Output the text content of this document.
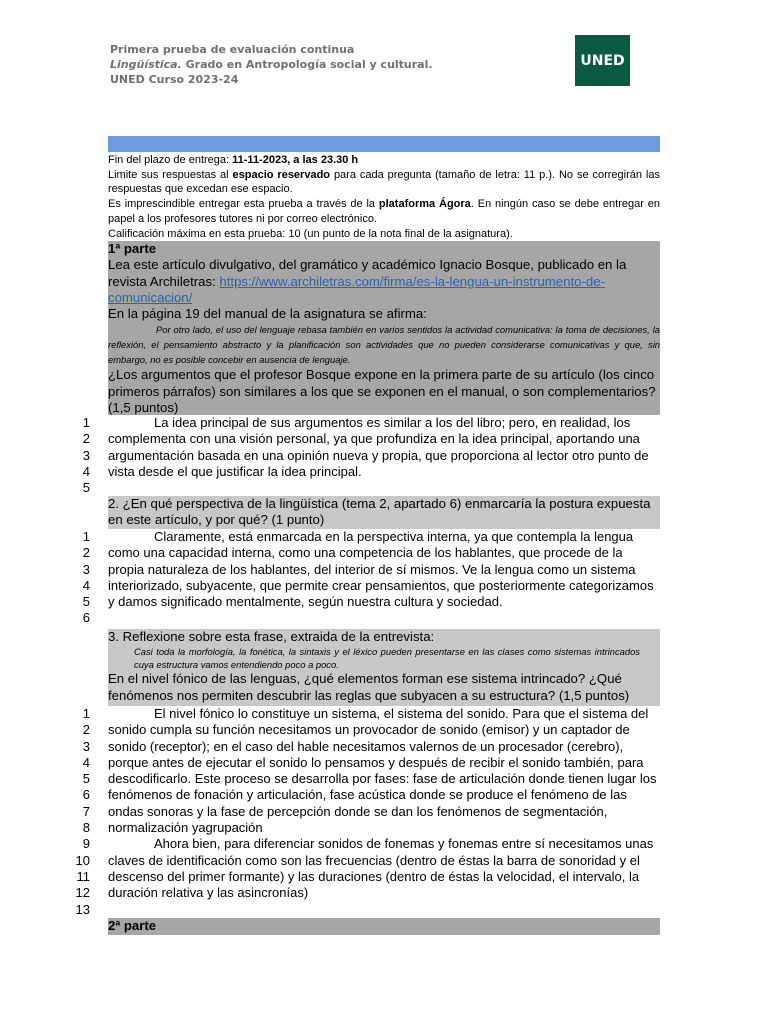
Primera prueba de evaluación continua
Lingüística. Grado en Antropología social y cultural.
UNED Curso 2023-24
UNED

Fin del plazo de entrega: 11-11-2023, a las 23.30 h

Limite sus respuestas al espacio reservado para cada pregunta (tamaño de letra: 11 p.). No se corregirán las respuestas que excedan ese espacio.

Es imprescindible entregar esta prueba a través de la plataforma Ágora. En ningún caso se debe entregar en papel a los profesores tutores ni por correo electrónico.

Calificación máxima en esta prueba: 10 (un punto de la nota final de la asignatura).

1ª parte

Lea este artículo divulgativo, del gramático y académico Ignacio Bosque, publicado en la revista Archiletras: https://www.archiletras.com/firma/es-la-lengua-un-instrumento-de-comunicacion/

En la página 19 del manual de la asignatura se afirma:

Por otro lado, el uso del lenguaje rebasa también en varios sentidos la actividad comunicativa: la toma de decisiones, la reflexión, el pensamiento abstracto y la planificación son actividades que no pueden considerarse comunicativas y que, sin embargo, no es posible concebir en ausencia de lenguaje.

¿Los argumentos que el profesor Bosque expone en la primera parte de su artículo (los cinco primeros párrafos) son similares a los que se exponen en el manual, o son complementarios? (1,5 puntos)

1
2
3
4
5

La idea principal de sus argumentos es similar a los del libro; pero, en realidad, los complementa con una visión personal, ya que profundiza en la idea principal, aportando una argumentación basada en una opinión nueva y propia, que proporciona al lector otro punto de vista desde el que justificar la idea principal.

2. ¿En qué perspectiva de la lingüística (tema 2, apartado 6) enmarcaría la postura expuesta en este artículo, y por qué? (1 punto)

1
2
3
4
5
6

Claramente, está enmarcada en la perspectiva interna, ya que contempla la lengua como una capacidad interna, como una competencia de los hablantes, que procede de la propia naturaleza de los hablantes, del interior de sí mismos. Ve la lengua como un sistema interiorizado, subyacente, que permite crear pensamientos, que posteriormente categorizamos y damos significado mentalmente, según nuestra cultura y sociedad.

3. Reflexione sobre esta frase, extraida de la entrevista:

Casi toda la morfología, la fonética, la sintaxis y el léxico pueden presentarse en las clases como sistemas intrincados cuya estructura vamos entendiendo poco a poco.

En el nivel fónico de las lenguas, ¿qué elementos forman ese sistema intrincado? ¿Qué fenómenos nos permiten descubrir las reglas que subyacen a su estructura? (1,5 puntos)

1
2
3
4
5
6
7
8
9
10
11
12
13

El nivel fónico lo constituye un sistema, el sistema del sonido. Para que el sistema del sonido cumpla su función necesitamos un provocador de sonido (emisor) y un captador de sonido (receptor); en el caso del hable necesitamos valernos de un procesador (cerebro), porque antes de ejecutar el sonido lo pensamos y después de recibir el sonido también, para descodificarlo. Este proceso se desarrolla por fases: fase de articulación donde tienen lugar los fenómenos de fonación y articulación, fase acústica donde se produce el fenómeno de las ondas sonoras y la fase de percepción donde se dan los fenómenos de segmentación, normalización yagrupación

Ahora bien, para diferenciar sonidos de fonemas y fonemas entre sí necesitamos unas claves de identificación como son las frecuencias (dentro de éstas la barra de sonoridad y el descenso del primer formante) y las duraciones (dentro de éstas la velocidad, el intervalo, la duración relativa y las asincronías)

2ª parte
